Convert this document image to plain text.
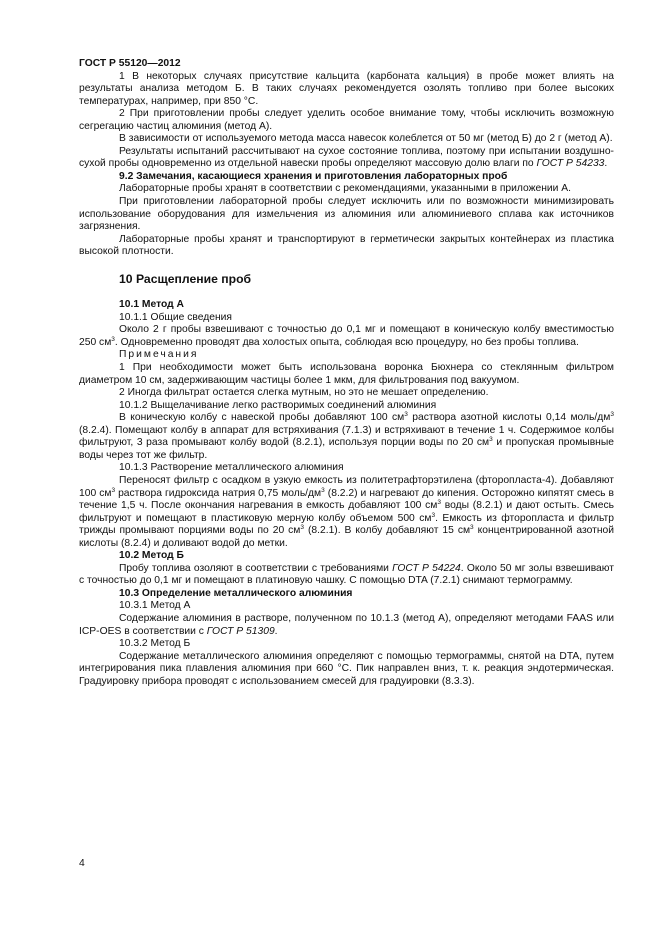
ГОСТ Р 55120—2012

1 В некоторых случаях присутствие кальцита (карбоната кальция) в пробе может влиять на результаты анализа методом Б. В таких случаях рекомендуется озолять топливо при более высоких температурах, например, при 850 °С.

2 При приготовлении пробы следует уделить особое внимание тому, чтобы исключить возможную сегрегацию частиц алюминия (метод А).

В зависимости от используемого метода масса навесок колеблется от 50 мг (метод Б) до 2 г (метод А).

Результаты испытаний рассчитывают на сухое состояние топлива, поэтому при испытании воздушно-сухой пробы одновременно из отдельной навески пробы определяют массовую долю влаги по ГОСТ Р 54233.

9.2 Замечания, касающиеся хранения и приготовления лабораторных проб

Лабораторные пробы хранят в соответствии с рекомендациями, указанными в приложении А.

При приготовлении лабораторной пробы следует исключить или по возможности минимизировать использование оборудования для измельчения из алюминия или алюминиевого сплава как источников загрязнения.

Лабораторные пробы хранят и транспортируют в герметически закрытых контейнерах из пластика высокой плотности.

10 Расщепление проб

10.1 Метод А

10.1.1 Общие сведения

Около 2 г пробы взвешивают с точностью до 0,1 мг и помещают в коническую колбу вместимостью 250 $см^3$. Одновременно проводят два холостых опыта, соблюдая всю процедуру, но без пробы топлива.

Примечания

1 При необходимости может быть использована воронка Бюхнера со стеклянным фильтром диаметром 10 см, задерживающим частицы более 1 мкм, для фильтрования под вакуумом.

2 Иногда фильтрат остается слегка мутным, но это не мешает определению.

10.1.2 Выщелачивание легко растворимых соединений алюминия

В коническую колбу с навеской пробы добавляют 100 $см^3$ раствора азотной кислоты 0,14 моль/$дм^3$ (8.2.4). Помещают колбу в аппарат для встряхивания (7.1.3) и встряхивают в течение 1 ч. Содержимое колбы фильтруют, 3 раза промывают колбу водой (8.2.1), используя порции воды по 20 $см^3$ и пропуская промывные воды через тот же фильтр.

10.1.3 Растворение металлического алюминия

Переносят фильтр с осадком в узкую емкость из политетрафторэтилена (фторопласта-4). Добавляют 100 $см^3$ раствора гидроксида натрия 0,75 моль/$дм^3$ (8.2.2) и нагревают до кипения. Осторожно кипятят смесь в течение 1,5 ч. После окончания нагревания в емкость добавляют 100 $см^3$ воды (8.2.1) и дают остыть. Смесь фильтруют и помещают в пластиковую мерную колбу объемом 500 $см^3$. Емкость из фторопласта и фильтр трижды промывают порциями воды по 20 $см^3$ (8.2.1). В колбу добавляют 15 $см^3$ концентрированной азотной кислоты (8.2.4) и доливают водой до метки.

10.2 Метод Б

Пробу топлива озоляют в соответствии с требованиями ГОСТ Р 54224. Около 50 мг золы взвешивают с точностью до 0,1 мг и помещают в платиновую чашку. С помощью DTA (7.2.1) снимают термограмму.

10.3 Определение металлического алюминия

10.3.1 Метод А

Содержание алюминия в растворе, полученном по 10.1.3 (метод А), определяют методами FAAS или ICP-OES в соответствии с ГОСТ Р 51309.

10.3.2 Метод Б

Содержание металлического алюминия определяют с помощью термограммы, снятой на DTA, путем интегрирования пика плавления алюминия при 660 °С. Пик направлен вниз, т. к. реакция эндотермическая. Градуировку прибора проводят с использованием смесей для градуировки (8.3.3).

4
